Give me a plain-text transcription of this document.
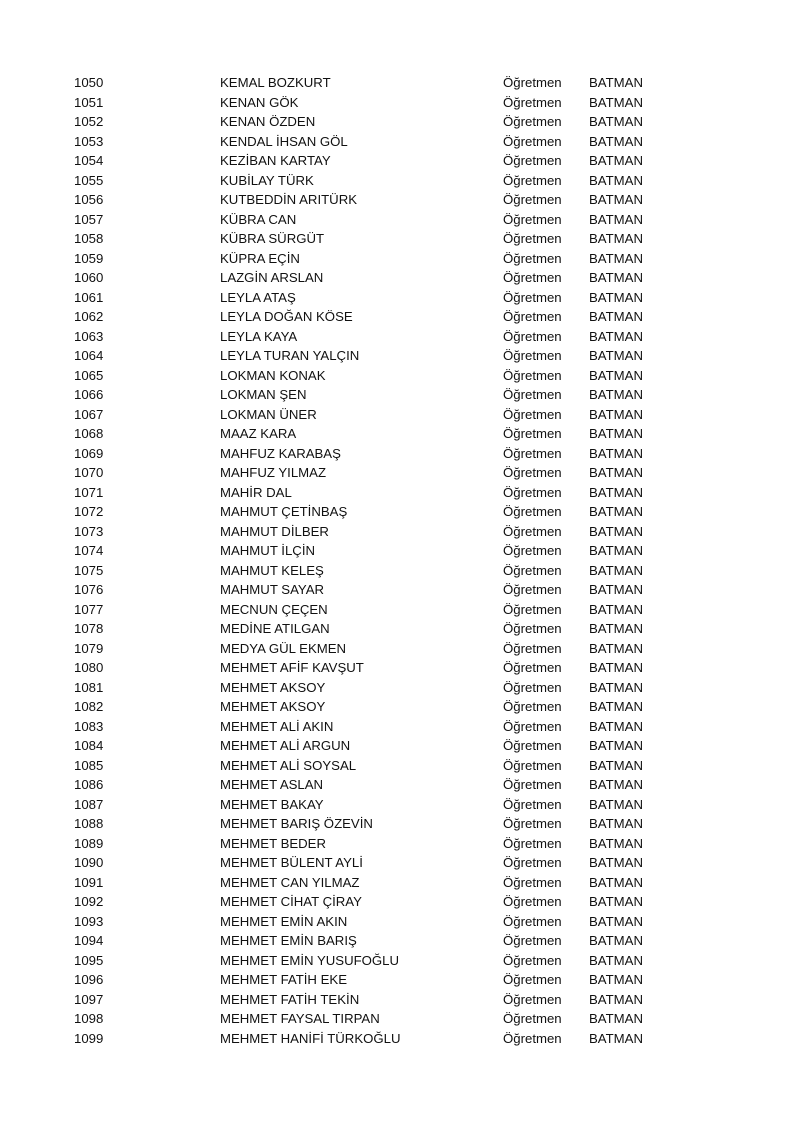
1050	KEMAL BOZKURT	Öğretmen BATMAN
1051	KENAN GÖK	Öğretmen BATMAN
1052	KENAN ÖZDEN	Öğretmen BATMAN
1053	KENDAL İHSAN GÖL	Öğretmen BATMAN
1054	KEZİBAN KARTAY	Öğretmen BATMAN
1055	KUBİLAY TÜRK	Öğretmen BATMAN
1056	KUTBEDDİN ARITÜRK	Öğretmen BATMAN
1057	KÜBRA CAN	Öğretmen BATMAN
1058	KÜBRA SÜRGÜT	Öğretmen BATMAN
1059	KÜPRA EÇİN	Öğretmen BATMAN
1060	LAZGİN ARSLAN	Öğretmen BATMAN
1061	LEYLA ATAŞ	Öğretmen BATMAN
1062	LEYLA DOĞAN KÖSE	Öğretmen BATMAN
1063	LEYLA KAYA	Öğretmen BATMAN
1064	LEYLA TURAN YALÇIN	Öğretmen BATMAN
1065	LOKMAN KONAK	Öğretmen BATMAN
1066	LOKMAN ŞEN	Öğretmen BATMAN
1067	LOKMAN ÜNER	Öğretmen BATMAN
1068	MAAZ KARA	Öğretmen BATMAN
1069	MAHFUZ KARABAŞ	Öğretmen BATMAN
1070	MAHFUZ YILMAZ	Öğretmen BATMAN
1071	MAHİR DAL	Öğretmen BATMAN
1072	MAHMUT ÇETİNBAŞ	Öğretmen BATMAN
1073	MAHMUT DİLBER	Öğretmen BATMAN
1074	MAHMUT İLÇİN	Öğretmen BATMAN
1075	MAHMUT KELEŞ	Öğretmen BATMAN
1076	MAHMUT SAYAR	Öğretmen BATMAN
1077	MECNUN ÇEÇEN	Öğretmen BATMAN
1078	MEDİNE ATILGAN	Öğretmen BATMAN
1079	MEDYA GÜL EKMEN	Öğretmen BATMAN
1080	MEHMET AFİF KAVŞUT	Öğretmen BATMAN
1081	MEHMET AKSOY	Öğretmen BATMAN
1082	MEHMET AKSOY	Öğretmen BATMAN
1083	MEHMET ALİ AKIN	Öğretmen BATMAN
1084	MEHMET ALİ ARGUN	Öğretmen BATMAN
1085	MEHMET ALİ SOYSAL	Öğretmen BATMAN
1086	MEHMET ASLAN	Öğretmen BATMAN
1087	MEHMET BAKAY	Öğretmen BATMAN
1088	MEHMET BARIŞ ÖZEVİN	Öğretmen BATMAN
1089	MEHMET BEDER	Öğretmen BATMAN
1090	MEHMET BÜLENT AYLİ	Öğretmen BATMAN
1091	MEHMET CAN YILMAZ	Öğretmen BATMAN
1092	MEHMET CİHAT ÇİRAY	Öğretmen BATMAN
1093	MEHMET EMİN AKIN	Öğretmen BATMAN
1094	MEHMET EMİN BARIŞ	Öğretmen BATMAN
1095	MEHMET EMİN YUSUFOĞLU	Öğretmen BATMAN
1096	MEHMET FATİH EKE	Öğretmen BATMAN
1097	MEHMET FATİH TEKİN	Öğretmen BATMAN
1098	MEHMET FAYSAL TIRPAN	Öğretmen BATMAN
1099	MEHMET HANİFİ TÜRKOĞLU	Öğretmen BATMAN
